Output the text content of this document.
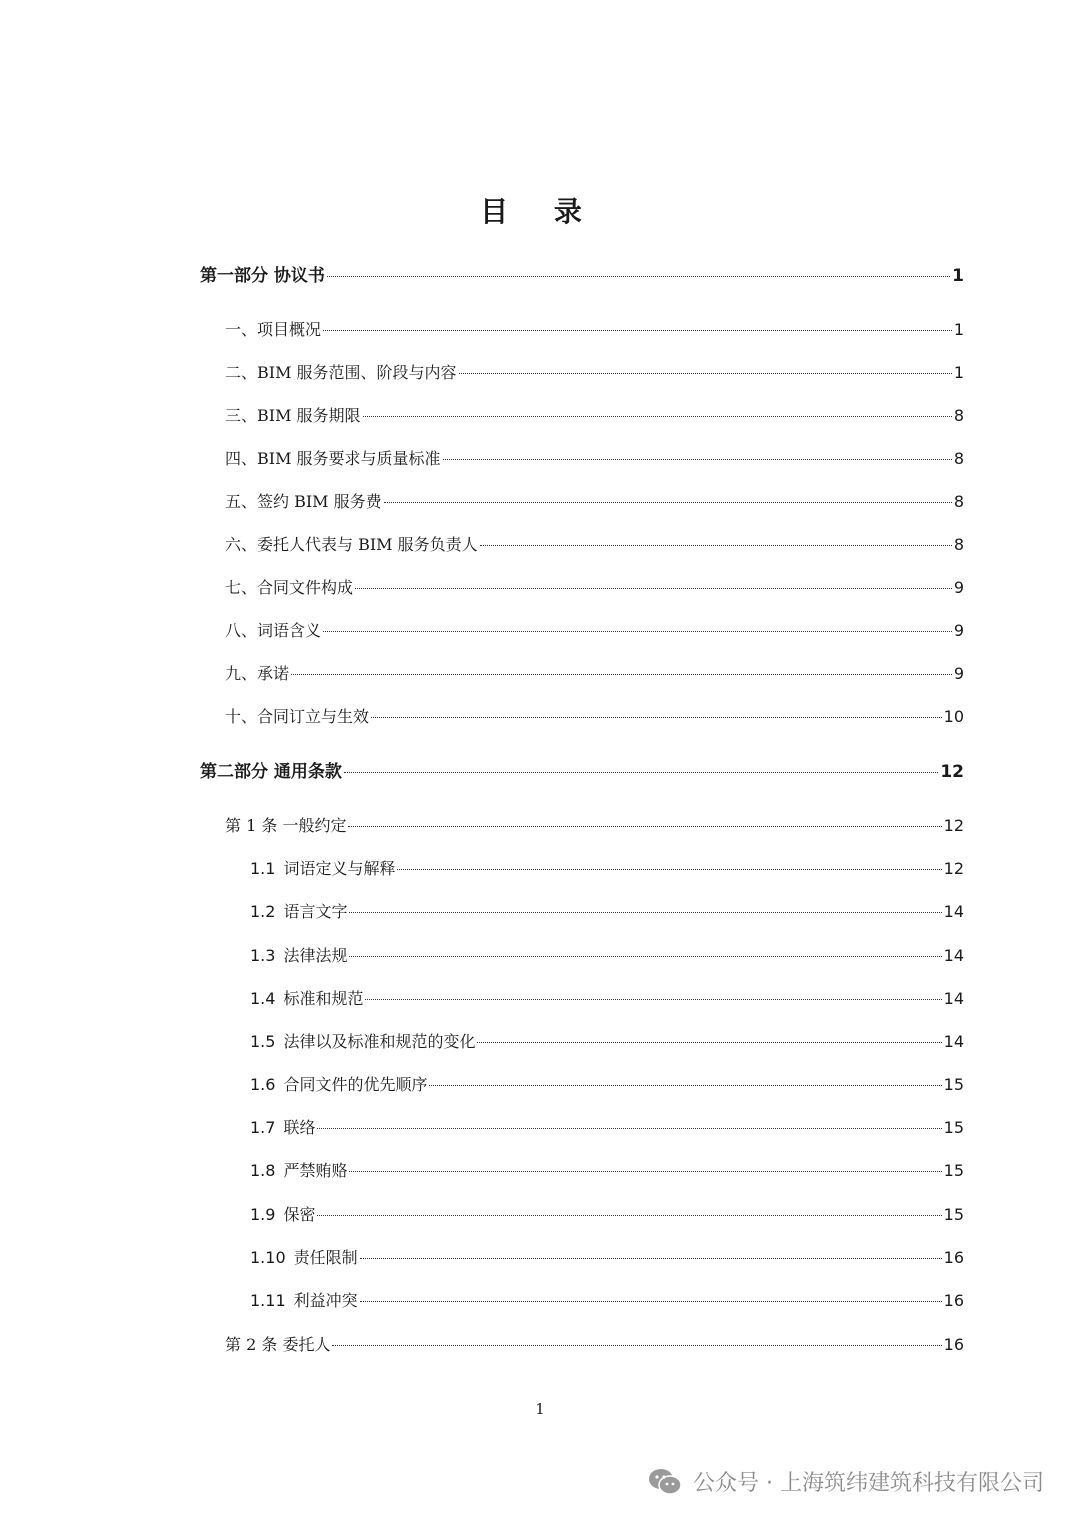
目 录
第一部分 协议书	1
一、项目概况	1
二、BIM 服务范围、阶段与内容	1
三、BIM 服务期限	8
四、BIM 服务要求与质量标准	8
五、签约 BIM 服务费	8
六、委托人代表与 BIM 服务负责人	8
七、合同文件构成	9
八、词语含义	9
九、承诺	9
十、合同订立与生效	10
第二部分 通用条款	12
第 1 条 一般约定	12
1.1 词语定义与解释	12
1.2 语言文字	14
1.3 法律法规	14
1.4 标准和规范	14
1.5 法律以及标准和规范的变化	14
1.6 合同文件的优先顺序	15
1.7 联络	15
1.8 严禁贿赂	15
1.9 保密	15
1.10 责任限制	16
1.11 利益冲突	16
第 2 条 委托人	16
1
公众号 · 上海筑纬建筑科技有限公司
